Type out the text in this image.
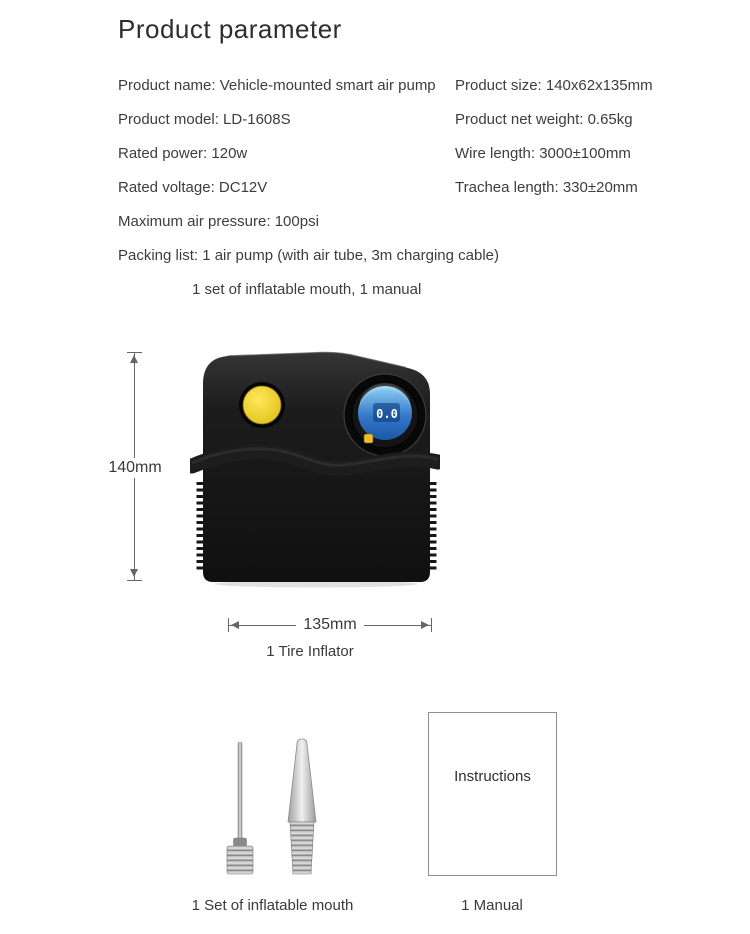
Product parameter
Product name: Vehicle-mounted smart air pump
Product model: LD-1608S
Rated power: 120w
Rated voltage: DC12V
Maximum air pressure: 100psi
Packing list: 1 air pump (with air tube, 3m charging cable)
1 set of inflatable mouth, 1 manual
Product size: 140x62x135mm
Product net weight: 0.65kg
Wire length: 3000±100mm
Trachea length: 330±20mm
0.0
140mm
135mm
1 Tire Inflator
Instructions
1 Set of inflatable mouth	1 Manual
